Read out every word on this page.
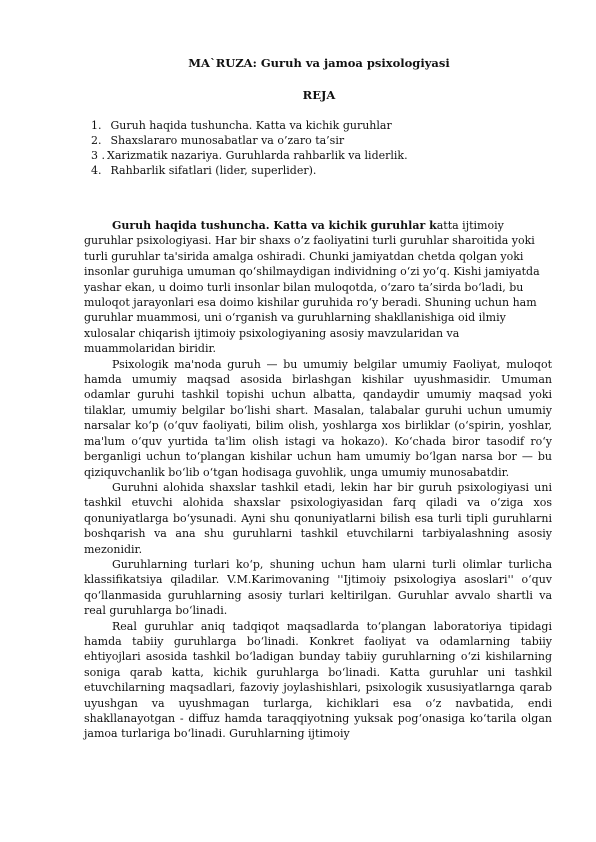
MA`RUZA: Guruh va jamoa psixologiyasi
REJA
1. Guruh haqida tushuncha. Katta va kichik guruhlar
2. Shaxslararo munosabatlar va o’zaro ta’sir
3 . Xarizmatik nazariya. Guruhlarda rahbarlik va liderlik.
4. Rahbarlik sifatlari (lider, superlider).

Guruh haqida tushuncha. Katta va kichik guruhlar katta ijtimoiy guruhlar psixologiyasi. Har bir shaxs o’z faoliyatini turli guruhlar sharoitida yoki turli guruhlar ta'sirida amalga oshiradi. Chunki jamiyatdan chetda qolgan yoki insonlar guruhiga umuman qo‘shilmaydigan individning o‘zi yo‘q. Kishi jamiyatda yashar ekan, u doimo turli insonlar bilan muloqotda, o‘zaro ta’sirda bo‘ladi, bu muloqot jarayonlari esa doimo kishilar guruhida ro‘y beradi. Shuning uchun ham guruhlar muammosi, uni o‘rganish va guruhlarning shakllanishiga oid ilmiy xulosalar chiqarish ijtimoiy psixologiyaning asosiy mavzularidan va muammolaridan biridir.

Psixologik ma'noda guruh — bu umumiy belgilar umumiy Faoliyat, muloqot hamda umumiy maqsad asosida birlashgan kishilar uyushmasidir. Umuman odamlar guruhi tashkil topishi uchun albatta, qandaydir umumiy maqsad yoki tilaklar, umumiy belgilar bo‘lishi shart. Masalan, talabalar guruhi uchun umumiy narsalar ko‘p (o‘quv faoliyati, bilim olish, yoshlarga xos birliklar (o‘spirin, yoshlar, ma'lum o‘quv yurtida ta'lim olish istagi va hokazo). Ko‘chada biror tasodif ro‘y berganligi uchun to‘plangan kishilar uchun ham umumiy bo‘lgan narsa bor — bu qiziquvchanlik bo‘lib o‘tgan hodisaga guvohlik, unga umumiy munosabatdir.

Guruhni alohida shaxslar tashkil etadi, lekin har bir guruh psixologiyasi uni tashkil etuvchi alohida shaxslar psixologiyasidan farq qiladi va o‘ziga xos qonuniyatlarga bo‘ysunadi. Ayni shu qonuniyatlarni bilish esa turli tipli guruhlarni boshqarish va ana shu guruhlarni tashkil etuvchilarni tarbiyalashning asosiy mezonidir.

Guruhlarning turlari ko‘p, shuning uchun ham ularni turli olimlar turlicha klassifikatsiya qiladilar. V.M.Karimovaning ''Ijtimoiy psixologiya asoslari'' o‘quv qo‘llanmasida guruhlarning asosiy turlari keltirilgan. Guruhlar avvalo shartli va real guruhlarga bo‘linadi.

Real guruhlar aniq tadqiqot maqsadlarda to‘plangan laboratoriya tipidagi hamda tabiiy guruhlarga bo‘linadi. Konkret faoliyat va odamlarning tabiiy ehtiyojlari asosida tashkil bo‘ladigan bunday tabiiy guruhlarning o‘zi kishilarning soniga qarab katta, kichik guruhlarga bo‘linadi. Katta guruhlar uni tashkil etuvchilarning maqsadlari, fazoviy joylashishlari, psixologik xususiyatlarnga qarab uyushgan va uyushmagan turlarga, kichiklari esa o‘z navbatida, endi shakllanayotgan - diffuz hamda taraqqiyotning yuksak pog‘onasiga ko‘tarila olgan jamoa turlariga bo‘linadi. Guruhlarning ijtimoiy
